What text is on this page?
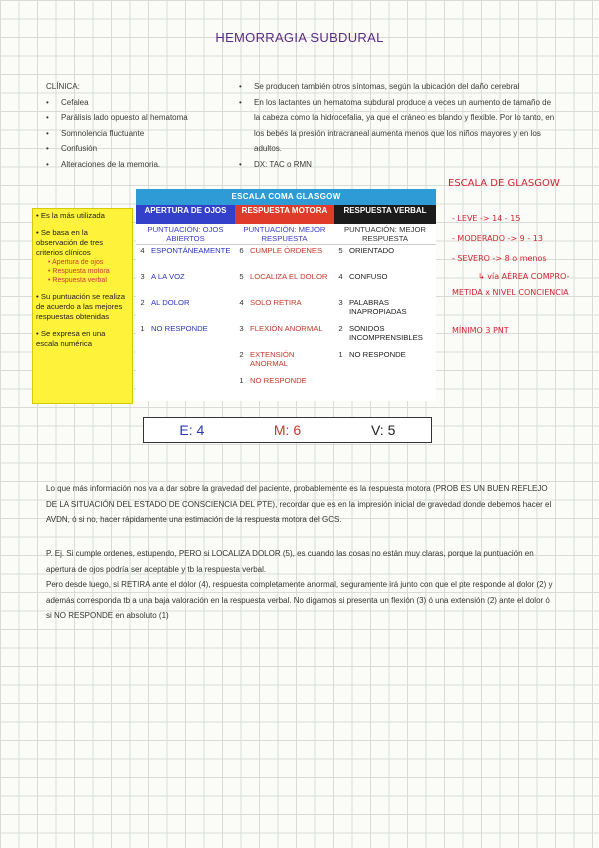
HEMORRAGIA SUBDURAL
CLÍNICA:
• Cefalea
• Parálisis lado opuesto al hematoma
• Somnolencia fluctuante
• Confusión
• Alteraciones de la memoria.
• Se producen también otros síntomas, según la ubicación del daño cerebral
• En los lactantes un hematoma subdural produce a veces un aumento de tamaño de la cabeza como la hidrocefalia, ya que el cráneo es blando y flexible. Por lo tanto, en los bebés la presión intracraneal aumenta menos que los niños mayores y en los adultos.
• DX: TAC o RMN

• Es la más utilizada

• Se basa en la observación de tres criterios clínicos

• Apertura de ojos

• Respuesta motora

• Respuesta verbal

• Su puntuación se realiza de acuerdo a las mejores respuestas obtenidas

• Se expresa en una escala numérica

ESCALA COMA GLASGOW
APERTURA DE OJOS		RESPUESTA MOTORA		RESPUESTA VERBAL	
PUNTUACIÓN: OJOS ABIERTOS		PUNTUACIÓN: MEJOR RESPUESTA		PUNTUACIÓN: MEJOR RESPUESTA	
4	ESPONTÁNEAMENTE	6	CUMPLE ÓRDENES	5	ORIENTADO
3	A LA VOZ	5	LOCALIZA EL DOLOR	4	CONFUSO
2	AL DOLOR	4	SOLO RETIRA	3	PALABRAS INAPROPIADAS
1	NO RESPONDE	3	FLEXIÓN ANORMAL	2	SONIDOS INCOMPRENSIBLES
		2	EXTENSIÓN ANORMAL	1	NO RESPONDE
		1	NO RESPONDE		
E: 4	M: 6	V: 5
ESCALA DE GLASGOW
- LEVE -> 14 - 15
- MODERADO -> 9 - 13
- SEVERO -> 8 o menos
↳ vía AÉREA COMPRO-
METIDA x NIVEL CONCIENCIA
MÍNIMO 3 PNT
Lo que más información nos va a dar sobre la gravedad del paciente, probablemente es la respuesta motora (PROB ES UN BUEN REFLEJO DE LA SITUACIÓN DEL ESTADO DE CONSCIENCIA DEL PTE), recordar que es en la impresión inicial de gravedad donde debemos hacer el AVDN, ó si no, hacer rápidamente una estimación de la respuesta motora del GCS.
P. Ej. Si cumple ordenes, estupendo, PERO si LOCALIZA DOLOR (5), es cuando las cosas no están muy claras, porque la puntuación en apertura de ojos podría ser aceptable y tb la respuesta verbal.
Pero desde luego, si RETIRA ante el dolor (4), respuesta completamente anormal, seguramente irá junto con que el pte responde al dolor (2) y además corresponda tb a una baja valoración en la respuesta verbal. No digamos si presenta un flexión (3) ó una extensión (2) ante el dolor ó si NO RESPONDE en absoluto (1)
